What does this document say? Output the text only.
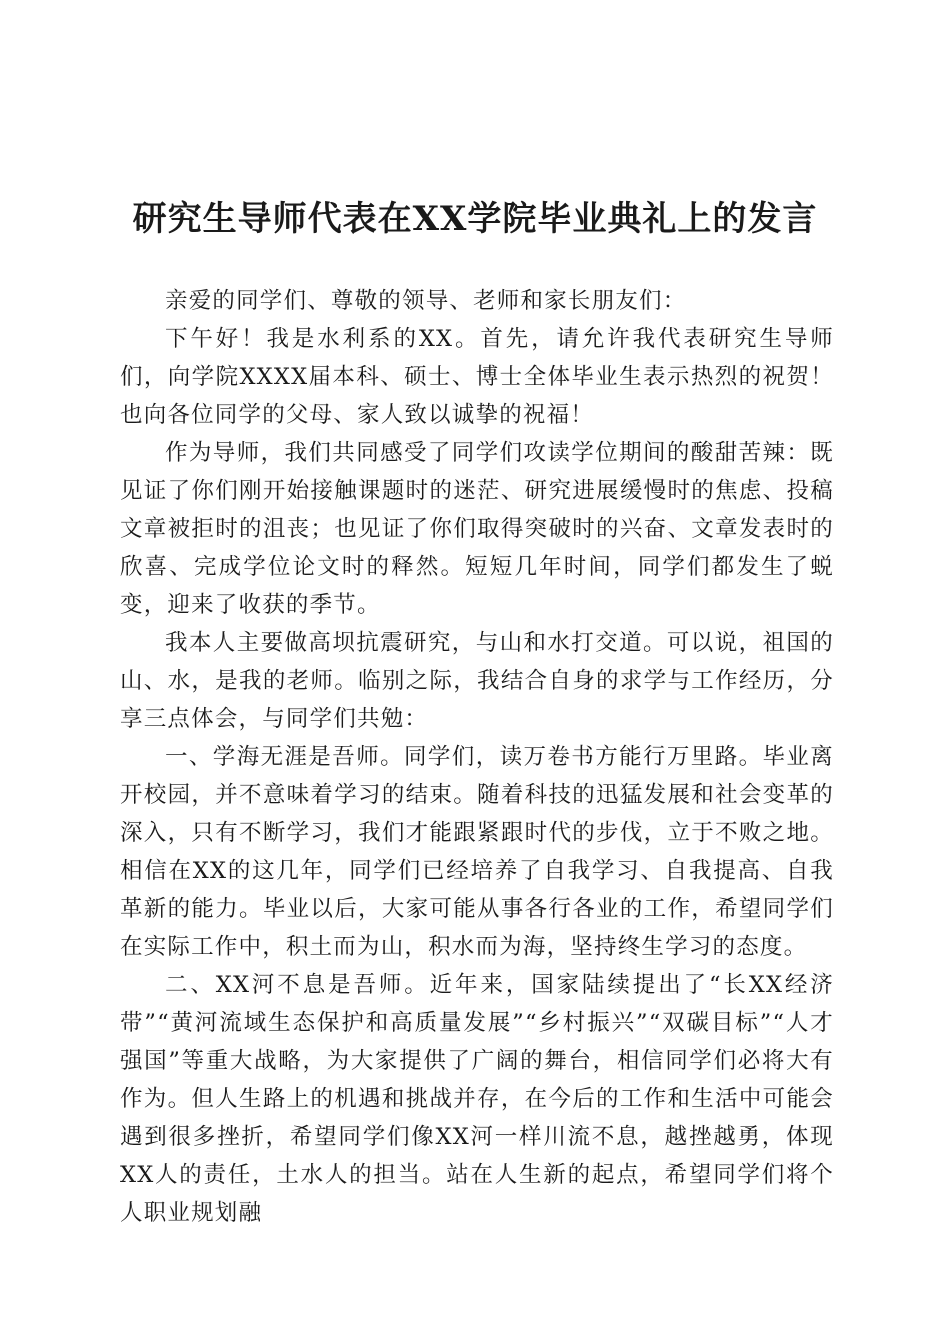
研究生导师代表在XX学院毕业典礼上的发言

亲爱的同学们、尊敬的领导、老师和家长朋友们：

下午好！我是水利系的XX。首先，请允许我代表研究生导师们，向学院XXXX届本科、硕士、博士全体毕业生表示热烈的祝贺！也向各位同学的父母、家人致以诚挚的祝福！

作为导师，我们共同感受了同学们攻读学位期间的酸甜苦辣：既见证了你们刚开始接触课题时的迷茫、研究进展缓慢时的焦虑、投稿文章被拒时的沮丧；也见证了你们取得突破时的兴奋、文章发表时的欣喜、完成学位论文时的释然。短短几年时间，同学们都发生了蜕变，迎来了收获的季节。

我本人主要做高坝抗震研究，与山和水打交道。可以说，祖国的山、水，是我的老师。临别之际，我结合自身的求学与工作经历，分享三点体会，与同学们共勉：

一、学海无涯是吾师。同学们，读万卷书方能行万里路。毕业离开校园，并不意味着学习的结束。随着科技的迅猛发展和社会变革的深入，只有不断学习，我们才能跟紧跟时代的步伐，立于不败之地。相信在XX的这几年，同学们已经培养了自我学习、自我提高、自我革新的能力。毕业以后，大家可能从事各行各业的工作，希望同学们在实际工作中，积土而为山，积水而为海，坚持终生学习的态度。

二、XX河不息是吾师。近年来，国家陆续提出了“长XX经济带”“黄河流域生态保护和高质量发展”“乡村振兴”“双碳目标”“人才强国”等重大战略，为大家提供了广阔的舞台，相信同学们必将大有作为。但人生路上的机遇和挑战并存，在今后的工作和生活中可能会遇到很多挫折，希望同学们像XX河一样川流不息，越挫越勇，体现XX人的责任，土水人的担当。站在人生新的起点，希望同学们将个人职业规划融
